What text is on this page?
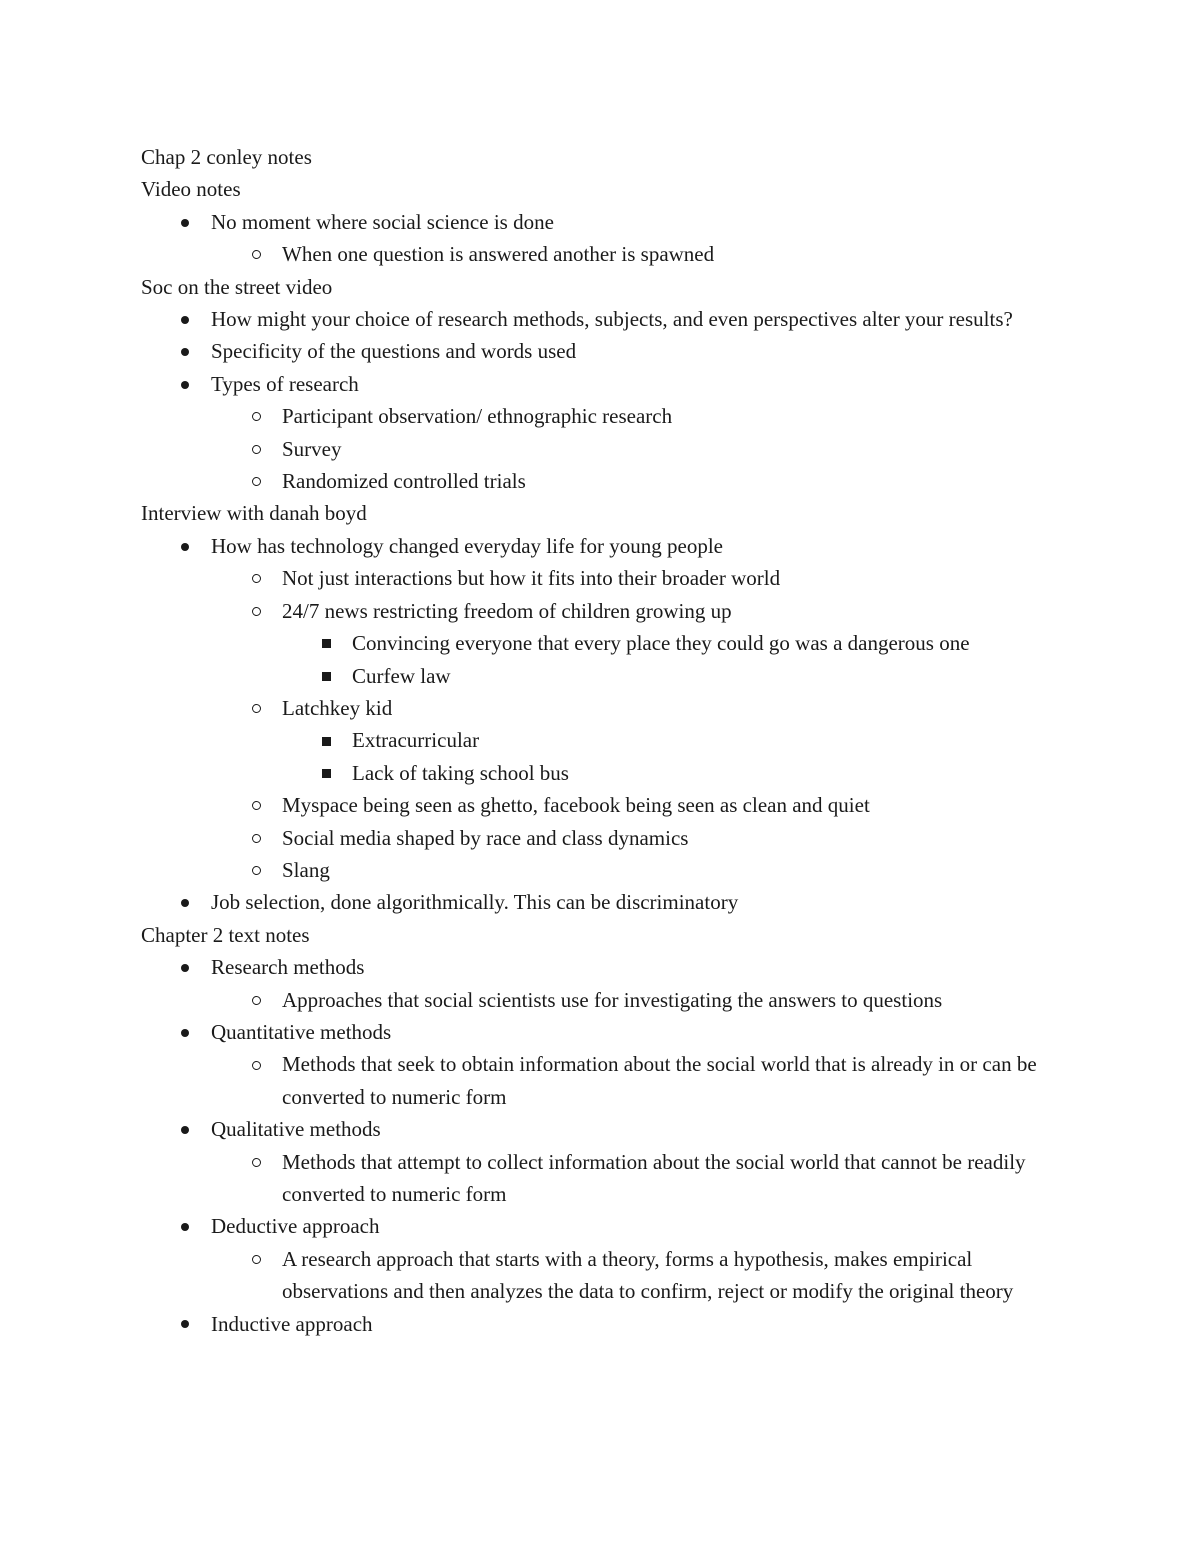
Chap 2 conley notes
Video notes
No moment where social science is done
When one question is answered another is spawned
Soc on the street video
How might your choice of research methods, subjects, and even perspectives alter your results?
Specificity of the questions and words used
Types of research
Participant observation/ ethnographic research
Survey
Randomized controlled trials
Interview with danah boyd
How has technology changed everyday life for young people
Not just interactions but how it fits into their broader world
24/7 news restricting freedom of children growing up
Convincing everyone that every place they could go was a dangerous one
Curfew law
Latchkey kid
Extracurricular
Lack of taking school bus
Myspace being seen as ghetto, facebook being seen as clean and quiet
Social media shaped by race and class dynamics
Slang
Job selection, done algorithmically. This can be discriminatory
Chapter 2 text notes
Research methods
Approaches that social scientists use for investigating the answers to questions
Quantitative methods
Methods that seek to obtain information about the social world that is already in or can be converted to numeric form
Qualitative methods
Methods that attempt to collect information about the social world that cannot be readily converted to numeric form
Deductive approach
A research approach that starts with a theory, forms a hypothesis, makes empirical observations and then analyzes the data to confirm, reject or modify the original theory
Inductive approach
